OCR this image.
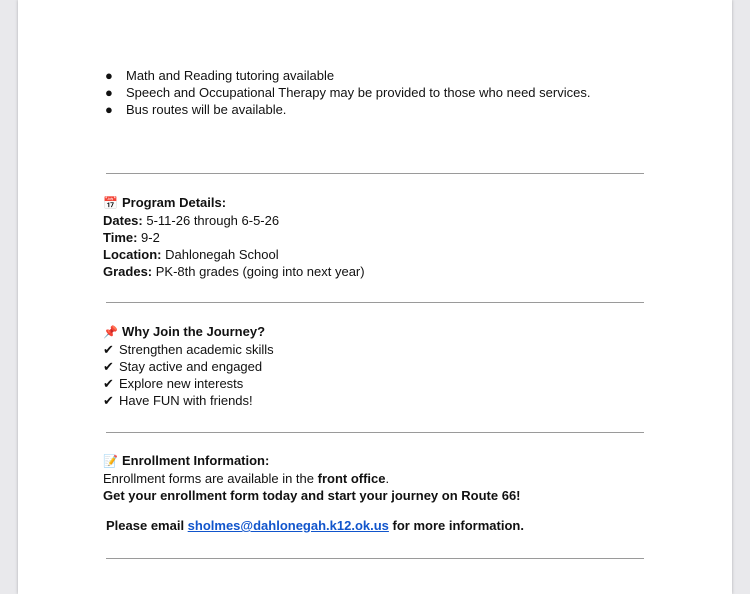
● Math and Reading tutoring available
● Speech and Occupational Therapy may be provided to those who need services.
● Bus routes will be available.
📅 Program Details:
Dates: 5-11-26 through 6-5-26
Time: 9-2
Location: Dahlonegah School
Grades: PK-8th grades (going into next year)
📌 Why Join the Journey?
✔ Strengthen academic skills
✔ Stay active and engaged
✔ Explore new interests
✔ Have FUN with friends!
📝 Enrollment Information:
Enrollment forms are available in the front office.
Get your enrollment form today and start your journey on Route 66!
Please email sholmes@dahlonegah.k12.ok.us for more information.
